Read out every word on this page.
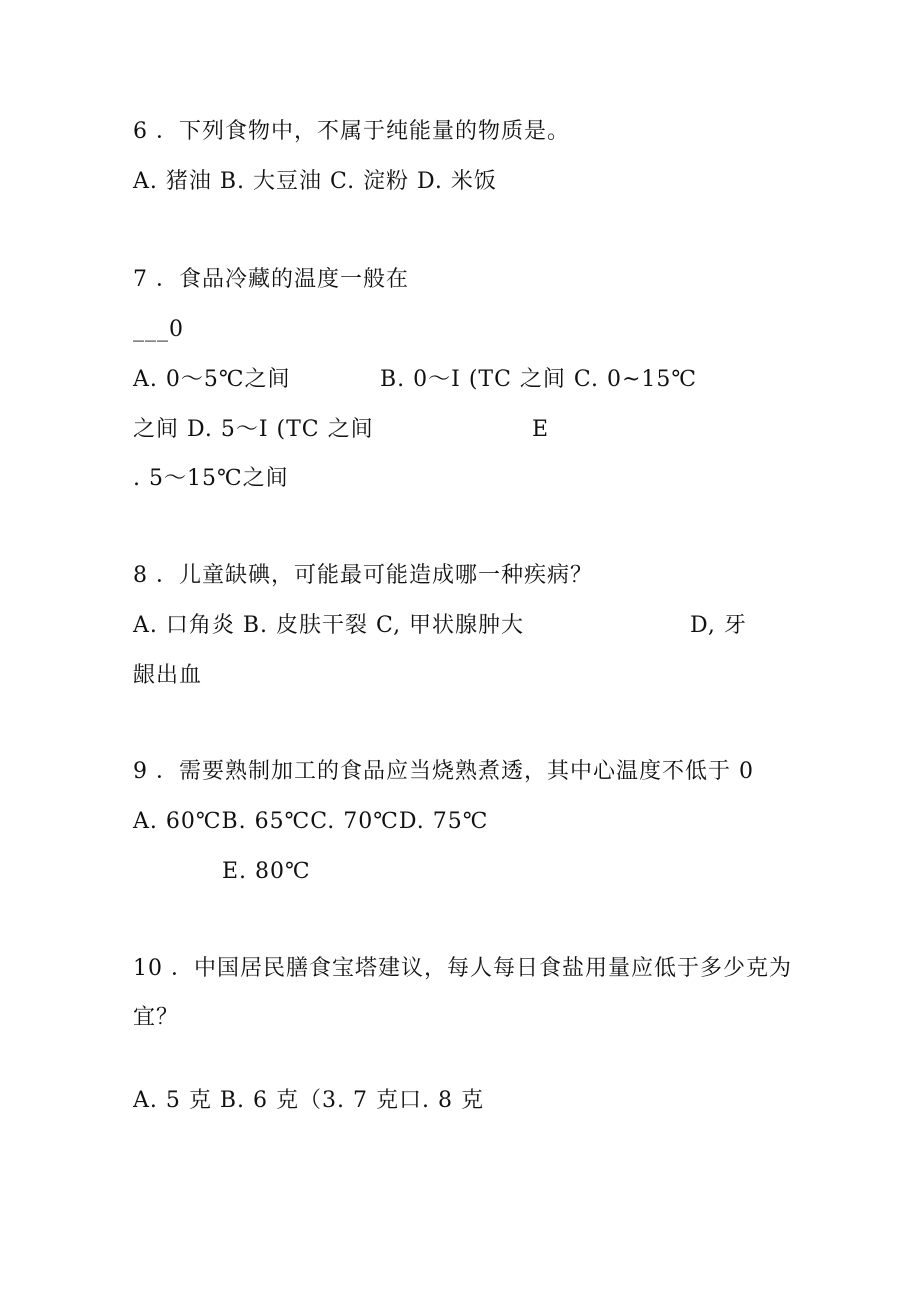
6 ．下列食物中，不属于纯能量的物质是。
A. 猪油 B. 大豆油 C. 淀粉 D. 米饭
7 ．食品冷藏的温度一般在
___0
A. 0～5℃之间	B. 0～I (TC 之间 C. 0~15℃
之间 D. 5～I (TC 之间	E
. 5～15℃之间
8 ．儿童缺碘，可能最可能造成哪一种疾病？
A. 口角炎 B. 皮肤干裂 C, 甲状腺肿大	D, 牙
龈出血
9 ．需要熟制加工的食品应当烧熟煮透，其中心温度不低于 0
A. 60℃B. 65℃C. 70℃D. 75℃
E. 80℃
10 ．中国居民膳食宝塔建议，每人每日食盐用量应低于多少克为
宜？
A. 5 克 B. 6 克（3. 7 克口. 8 克
